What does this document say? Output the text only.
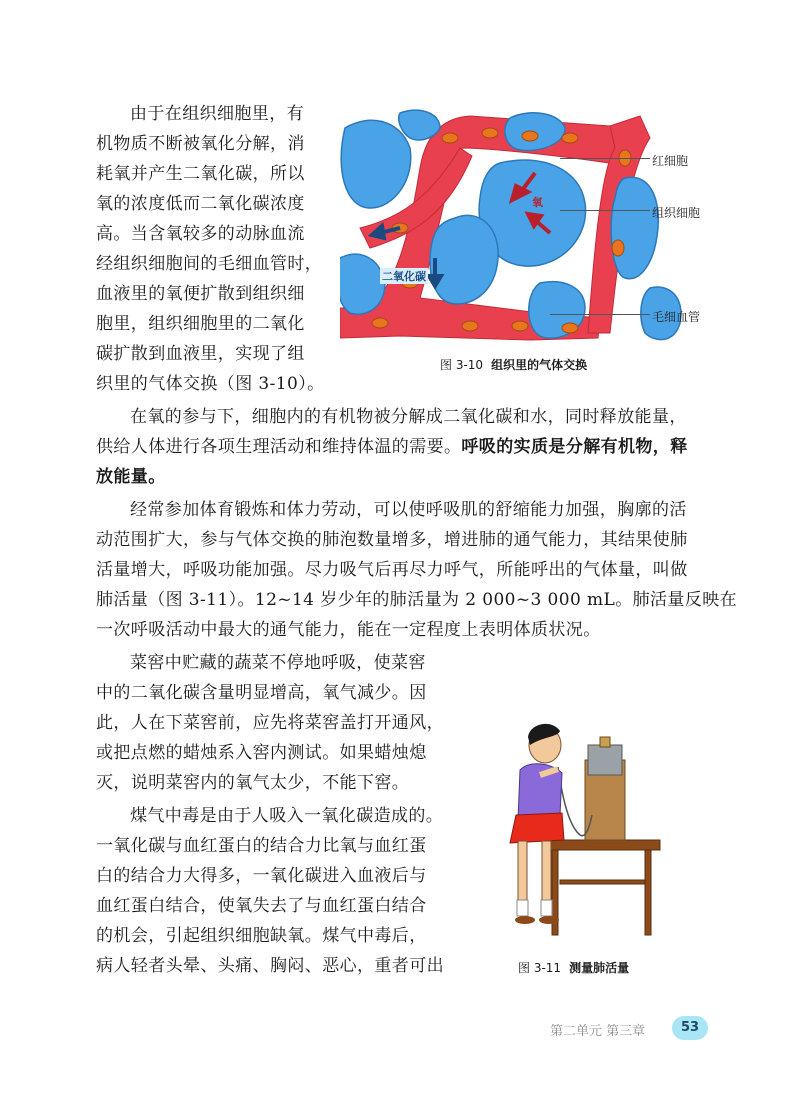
由于在组织细胞里，有

机物质不断被氧化分解，消

耗氧并产生二氧化碳，所以

氧的浓度低而二氧化碳浓度

高。当含氧较多的动脉血流

经组织细胞间的毛细血管时，

血液里的氧便扩散到组织细

胞里，组织细胞里的二氧化

碳扩散到血液里，实现了组

织里的气体交换（图 3-10）。

氧
二氧化碳
红细胞
组织细胞
毛细血管
图 3-10 组织里的气体交换

在氧的参与下，细胞内的有机物被分解成二氧化碳和水，同时释放能量，

供给人体进行各项生理活动和维持体温的需要。呼吸的实质是分解有机物，释

放能量。

经常参加体育锻炼和体力劳动，可以使呼吸肌的舒缩能力加强，胸廓的活

动范围扩大，参与气体交换的肺泡数量增多，增进肺的通气能力，其结果使肺

活量增大，呼吸功能加强。尽力吸气后再尽力呼气，所能呼出的气体量，叫做

肺活量（图 3-11）。12~14 岁少年的肺活量为 2 000~3 000 mL。肺活量反映在

一次呼吸活动中最大的通气能力，能在一定程度上表明体质状况。

菜窖中贮藏的蔬菜不停地呼吸，使菜窖

中的二氧化碳含量明显增高，氧气减少。因

此，人在下菜窖前，应先将菜窖盖打开通风，

或把点燃的蜡烛系入窖内测试。如果蜡烛熄

灭，说明菜窖内的氧气太少，不能下窖。

煤气中毒是由于人吸入一氧化碳造成的。

一氧化碳与血红蛋白的结合力比氧与血红蛋

白的结合力大得多，一氧化碳进入血液后与

血红蛋白结合，使氧失去了与血红蛋白结合

的机会，引起组织细胞缺氧。煤气中毒后，

病人轻者头晕、头痛、胸闷、恶心，重者可出	图 3-11 测量肺活量
第二单元 第三章	53
